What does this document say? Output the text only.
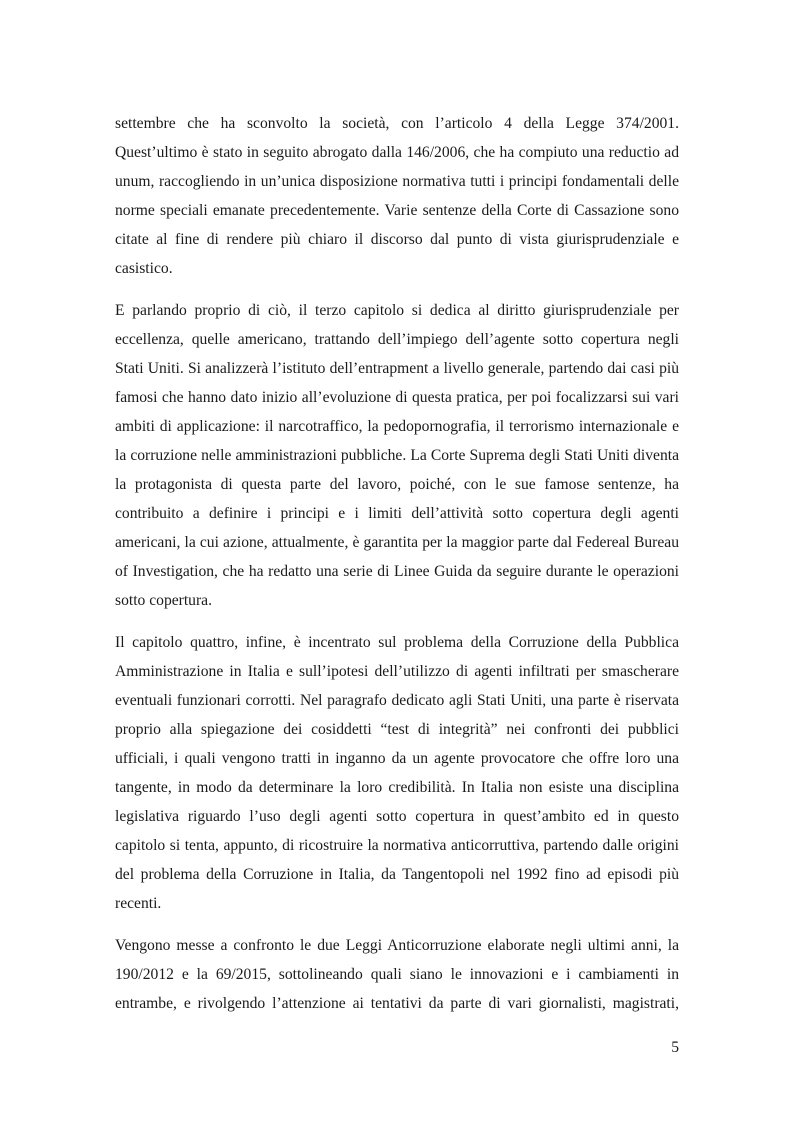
settembre che ha sconvolto la società, con l’articolo 4 della Legge 374/2001. Quest’ultimo è stato in seguito abrogato dalla 146/2006, che ha compiuto una reductio ad unum, raccogliendo in un’unica disposizione normativa tutti i principi fondamentali delle norme speciali emanate precedentemente. Varie sentenze della Corte di Cassazione sono citate al fine di rendere più chiaro il discorso dal punto di vista giurisprudenziale e casistico.

E parlando proprio di ciò, il terzo capitolo si dedica al diritto giurisprudenziale per eccellenza, quelle americano, trattando dell’impiego dell’agente sotto copertura negli Stati Uniti. Si analizzerà l’istituto dell’entrapment a livello generale, partendo dai casi più famosi che hanno dato inizio all’evoluzione di questa pratica, per poi focalizzarsi sui vari ambiti di applicazione: il narcotraffico, la pedopornografia, il terrorismo internazionale e la corruzione nelle amministrazioni pubbliche. La Corte Suprema degli Stati Uniti diventa la protagonista di questa parte del lavoro, poiché, con le sue famose sentenze, ha contribuito a definire i principi e i limiti dell’attività sotto copertura degli agenti americani, la cui azione, attualmente, è garantita per la maggior parte dal Federeal Bureau of Investigation, che ha redatto una serie di Linee Guida da seguire durante le operazioni sotto copertura.

Il capitolo quattro, infine, è incentrato sul problema della Corruzione della Pubblica Amministrazione in Italia e sull’ipotesi dell’utilizzo di agenti infiltrati per smascherare eventuali funzionari corrotti. Nel paragrafo dedicato agli Stati Uniti, una parte è riservata proprio alla spiegazione dei cosiddetti “test di integrità” nei confronti dei pubblici ufficiali, i quali vengono tratti in inganno da un agente provocatore che offre loro una tangente, in modo da determinare la loro credibilità. In Italia non esiste una disciplina legislativa riguardo l’uso degli agenti sotto copertura in quest’ambito ed in questo capitolo si tenta, appunto, di ricostruire la normativa anticorruttiva, partendo dalle origini del problema della Corruzione in Italia, da Tangentopoli nel 1992 fino ad episodi più recenti.

Vengono messe a confronto le due Leggi Anticorruzione elaborate negli ultimi anni, la 190/2012 e la 69/2015, sottolineando quali siano le innovazioni e i cambiamenti in entrambe, e rivolgendo l’attenzione ai tentativi da parte di vari giornalisti, magistrati,

5
